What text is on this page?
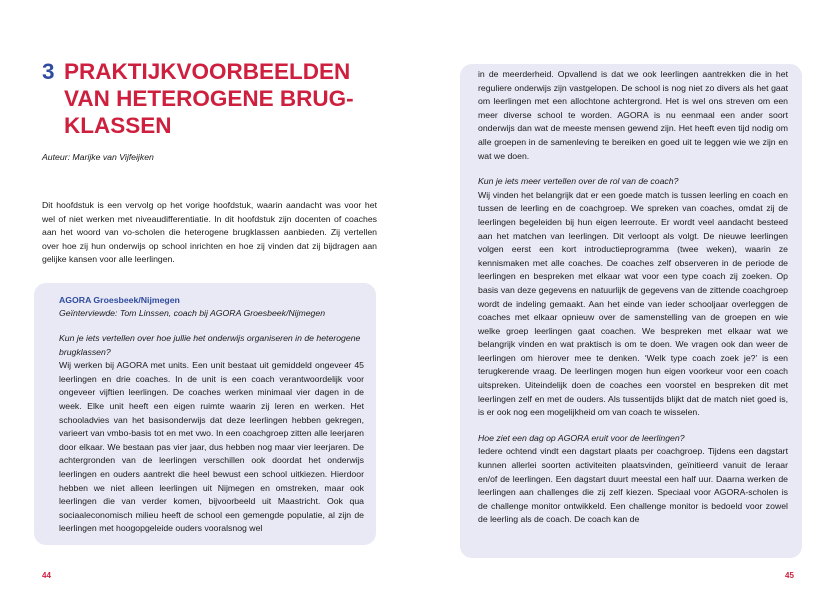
3 PRAKTIJKVOORBEELDEN VAN HETEROGENE BRUG-KLASSEN
Auteur: Marijke van Vijfeijken

Dit hoofdstuk is een vervolg op het vorige hoofdstuk, waarin aandacht was voor het wel of niet werken met niveaudifferentiatie. In dit hoofdstuk zijn docenten of coaches aan het woord van vo-scholen die heterogene brugklassen aanbieden. Zij vertellen over hoe zij hun onderwijs op school inrichten en hoe zij vinden dat zij bijdragen aan gelijke kansen voor alle leerlingen.

AGORA Groesbeek/Nijmegen

Geïnterviewde: Tom Linssen, coach bij AGORA Groesbeek/Nijmegen

Kun je iets vertellen over hoe jullie het onderwijs organiseren in de heterogene brugklassen?

Wij werken bij AGORA met units. Een unit bestaat uit gemiddeld ongeveer 45 leerlingen en drie coaches. In de unit is een coach verantwoordelijk voor ongeveer vijftien leerlingen. De coaches werken minimaal vier dagen in de week. Elke unit heeft een eigen ruimte waarin zij leren en werken. Het schooladvies van het basisonderwijs dat deze leerlingen hebben gekregen, varieert van vmbo-basis tot en met vwo. In een coachgroep zitten alle leerjaren door elkaar. We bestaan pas vier jaar, dus hebben nog maar vier leerjaren. De achtergronden van de leerlingen verschillen ook doordat het onderwijs leerlingen en ouders aantrekt die heel bewust een school uitkiezen. Hierdoor hebben we niet alleen leerlingen uit Nijmegen en omstreken, maar ook leerlingen die van verder komen, bijvoorbeeld uit Maastricht. Ook qua sociaaleconomisch milieu heeft de school een gemengde populatie, al zijn de leerlingen met hoogopgeleide ouders vooralsnog wel

44

in de meerderheid. Opvallend is dat we ook leerlingen aantrekken die in het reguliere onderwijs zijn vastgelopen. De school is nog niet zo divers als het gaat om leerlingen met een allochtone achtergrond. Het is wel ons streven om een meer diverse school te worden. AGORA is nu eenmaal een ander soort onderwijs dan wat de meeste mensen gewend zijn. Het heeft even tijd nodig om alle groepen in de samenleving te bereiken en goed uit te leggen wie we zijn en wat we doen.

Kun je iets meer vertellen over de rol van de coach?

Wij vinden het belangrijk dat er een goede match is tussen leerling en coach en tussen de leerling en de coachgroep. We spreken van coaches, omdat zij de leerlingen begeleiden bij hun eigen leerroute. Er wordt veel aandacht besteed aan het matchen van leerlingen. Dit verloopt als volgt. De nieuwe leerlingen volgen eerst een kort introductieprogramma (twee weken), waarin ze kennismaken met alle coaches. De coaches zelf observeren in de periode de leerlingen en bespreken met elkaar wat voor een type coach zij zoeken. Op basis van deze gegevens en natuurlijk de gegevens van de zittende coachgroep wordt de indeling gemaakt. Aan het einde van ieder schooljaar overleggen de coaches met elkaar opnieuw over de samenstelling van de groepen en wie welke groep leerlingen gaat coachen. We bespreken met elkaar wat we belangrijk vinden en wat praktisch is om te doen. We vragen ook dan weer de leerlingen om hierover mee te denken. ‘Welk type coach zoek je?’ is een terugkerende vraag. De leerlingen mogen hun eigen voorkeur voor een coach uitspreken. Uiteindelijk doen de coaches een voorstel en bespreken dit met leerlingen zelf en met de ouders. Als tussentijds blijkt dat de match niet goed is, is er ook nog een mogelijkheid om van coach te wisselen.

Hoe ziet een dag op AGORA eruit voor de leerlingen?

Iedere ochtend vindt een dagstart plaats per coachgroep. Tijdens een dagstart kunnen allerlei soorten activiteiten plaatsvinden, geïnitieerd vanuit de leraar en/of de leerlingen. Een dagstart duurt meestal een half uur. Daarna werken de leerlingen aan challenges die zij zelf kiezen. Speciaal voor AGORA-scholen is de challenge monitor ontwikkeld. Een challenge monitor is bedoeld voor zowel de leerling als de coach. De coach kan de

45
